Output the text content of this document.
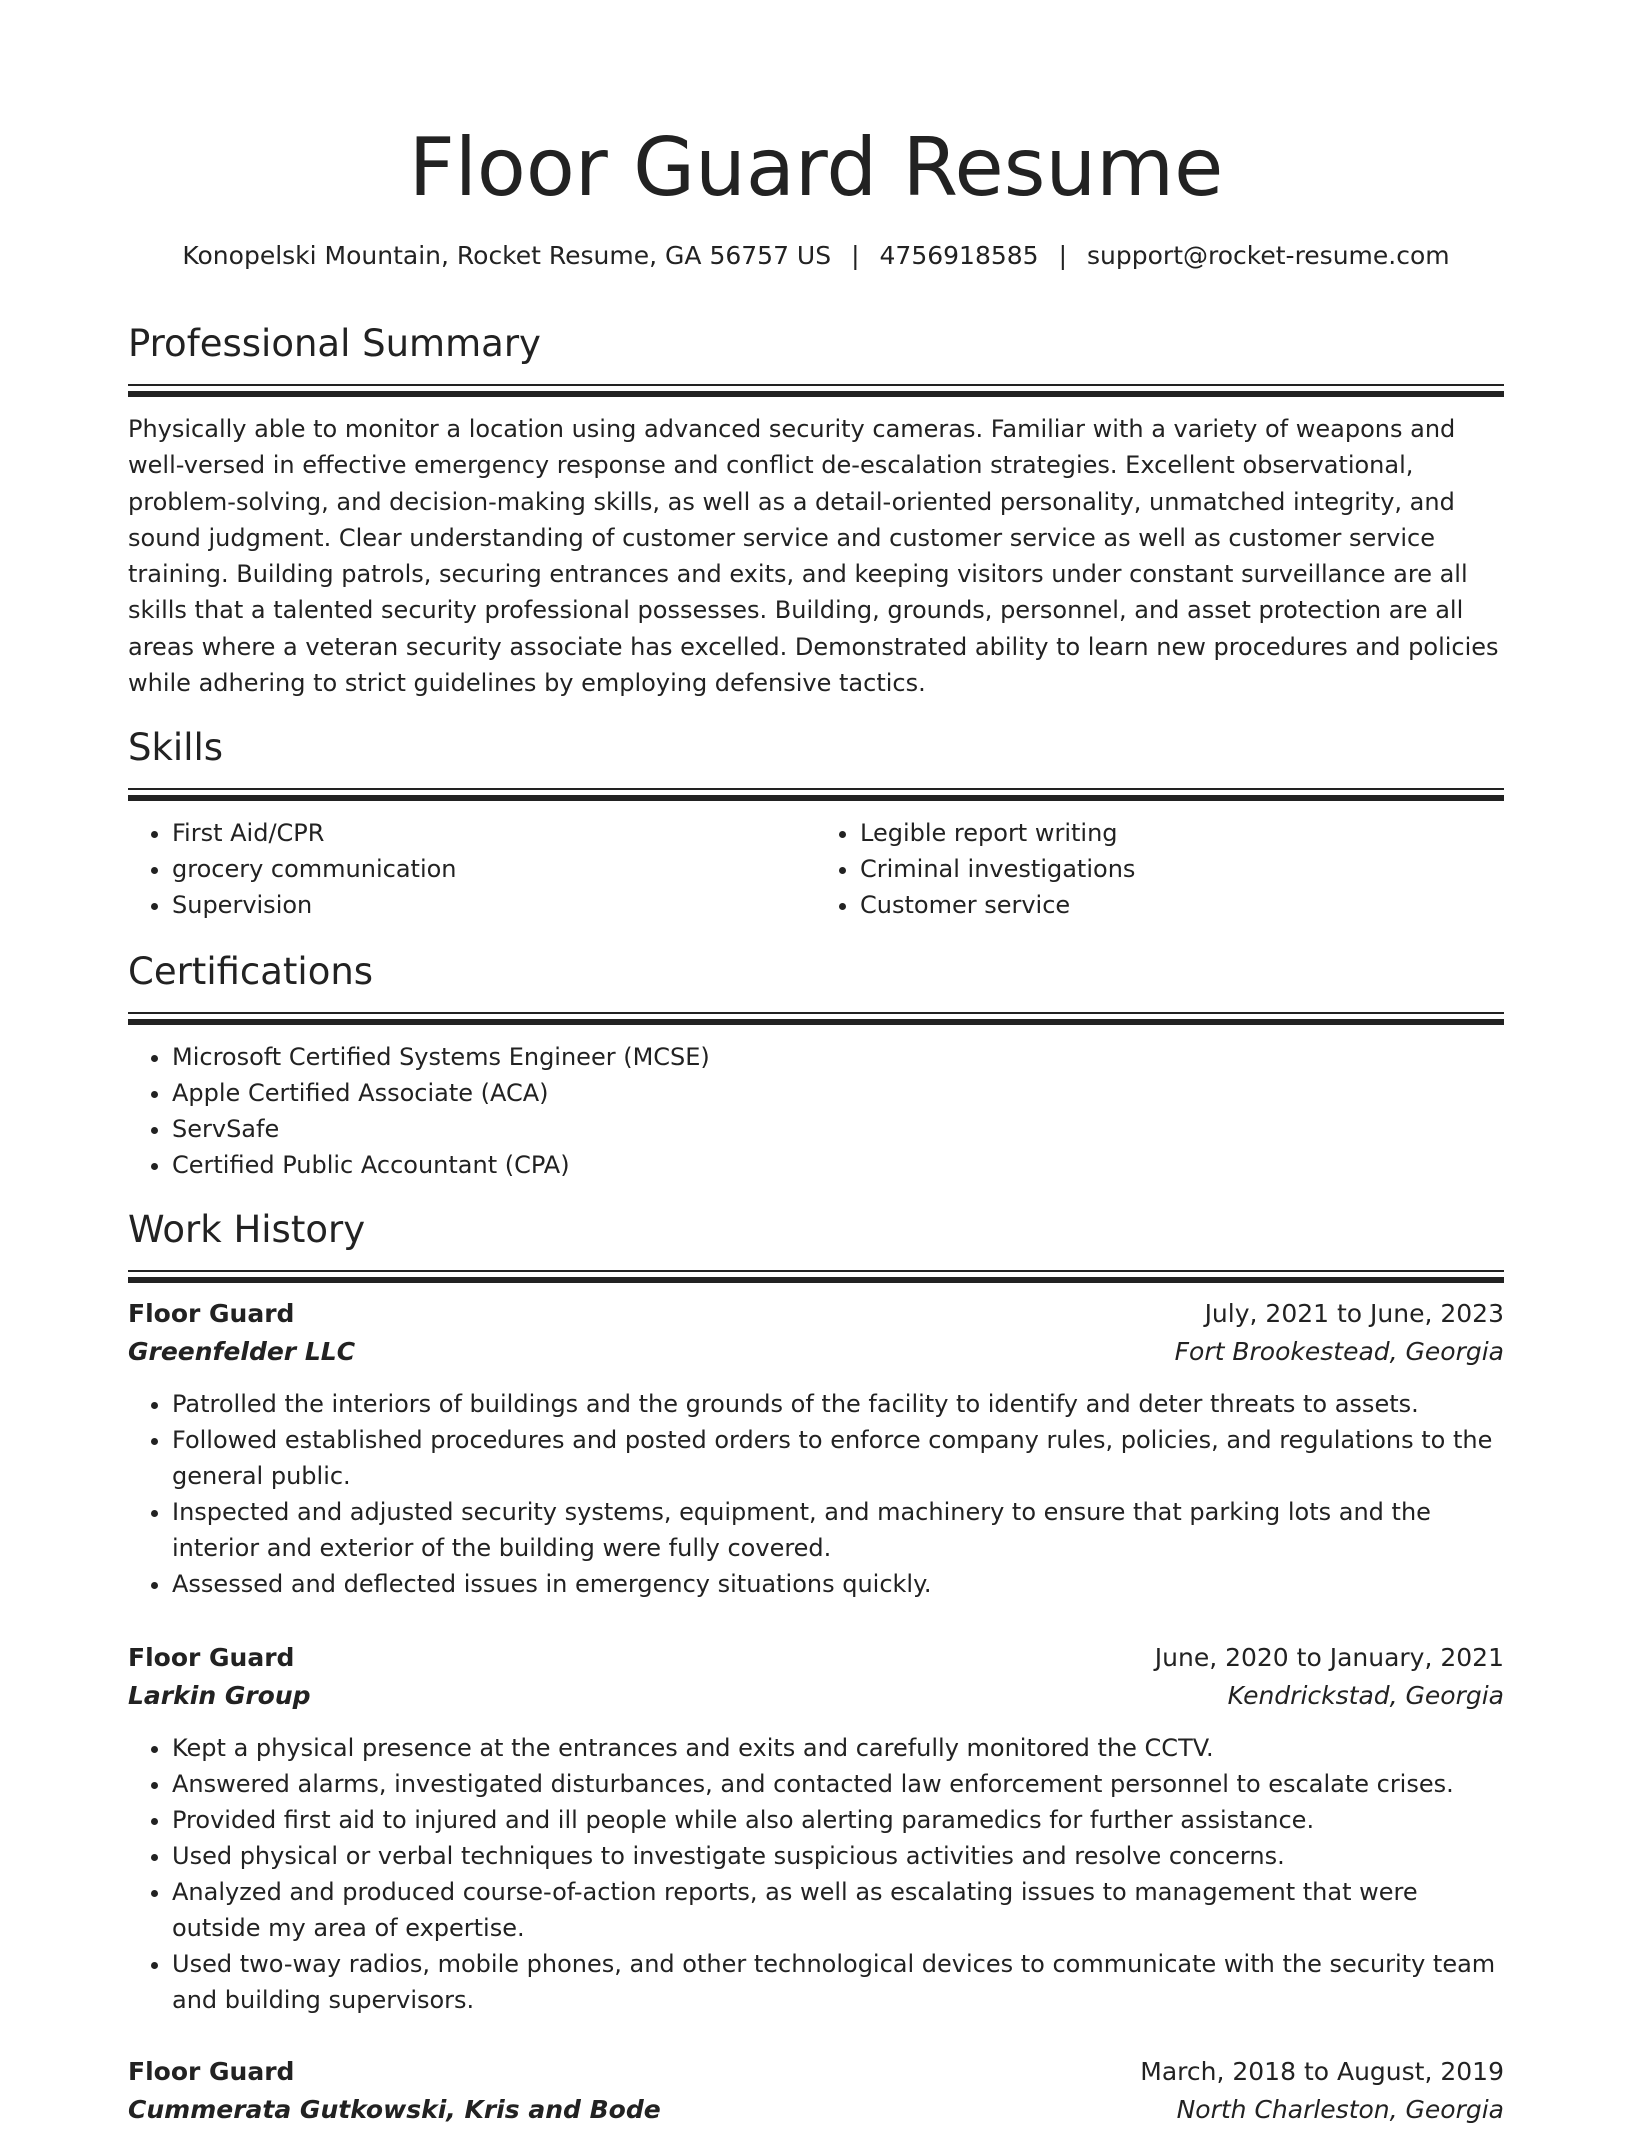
Floor Guard Resume
Konopelski Mountain, Rocket Resume, GA 56757 US | 4756918585 | support@rocket-resume.com
Professional Summary
Physically able to monitor a location using advanced security cameras. Familiar with a variety of weapons and well-versed in effective emergency response and conflict de-escalation strategies. Excellent observational, problem-solving, and decision-making skills, as well as a detail-oriented personality, unmatched integrity, and sound judgment. Clear understanding of customer service and customer service as well as customer service training. Building patrols, securing entrances and exits, and keeping visitors under constant surveillance are all skills that a talented security professional possesses. Building, grounds, personnel, and asset protection are all areas where a veteran security associate has excelled. Demonstrated ability to learn new procedures and policies while adhering to strict guidelines by employing defensive tactics.
Skills
• First Aid/CPR
• grocery communication
• Supervision
• Legible report writing
• Criminal investigations
• Customer service
Certifications
• Microsoft Certified Systems Engineer (MCSE)
• Apple Certified Associate (ACA)
• ServSafe
• Certified Public Accountant (CPA)
Work History
Floor Guard	July, 2021 to June, 2023
Greenfelder LLC	Fort Brookestead, Georgia
• Patrolled the interiors of buildings and the grounds of the facility to identify and deter threats to assets.
• Followed established procedures and posted orders to enforce company rules, policies, and regulations to the general public.
• Inspected and adjusted security systems, equipment, and machinery to ensure that parking lots and the interior and exterior of the building were fully covered.
• Assessed and deflected issues in emergency situations quickly.
Floor Guard	June, 2020 to January, 2021
Larkin Group	Kendrickstad, Georgia
• Kept a physical presence at the entrances and exits and carefully monitored the CCTV.
• Answered alarms, investigated disturbances, and contacted law enforcement personnel to escalate crises.
• Provided first aid to injured and ill people while also alerting paramedics for further assistance.
• Used physical or verbal techniques to investigate suspicious activities and resolve concerns.
• Analyzed and produced course-of-action reports, as well as escalating issues to management that were outside my area of expertise.
• Used two-way radios, mobile phones, and other technological devices to communicate with the security team and building supervisors.
Floor Guard	March, 2018 to August, 2019
Cummerata Gutkowski, Kris and Bode	North Charleston, Georgia
